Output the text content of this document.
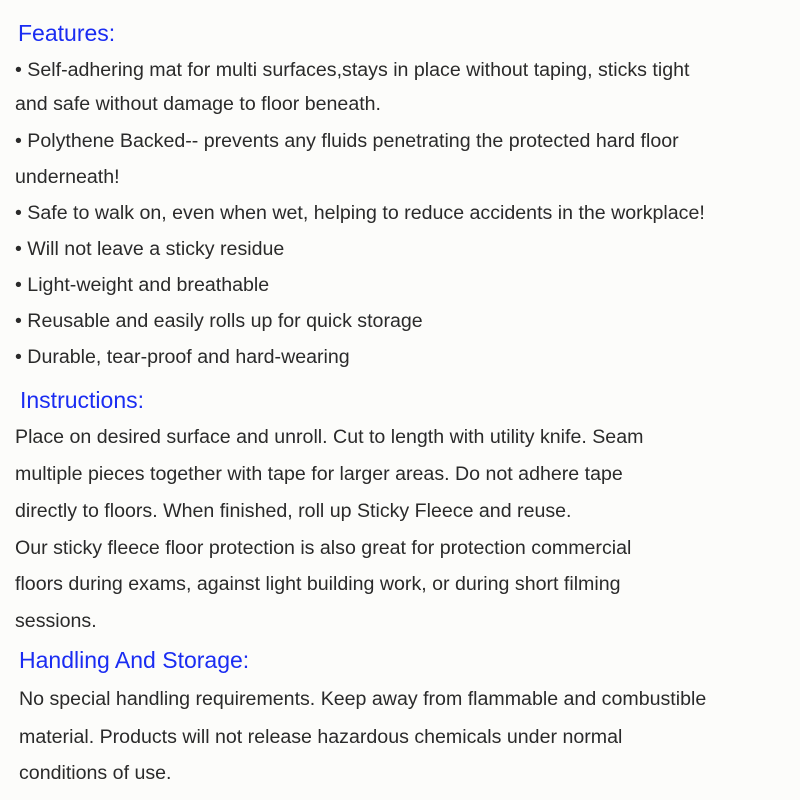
Features:
• Self-adhering mat for multi surfaces,stays in place without taping, sticks tight
and safe without damage to floor beneath.
• Polythene Backed-- prevents any fluids penetrating the protected hard floor
underneath!
• Safe to walk on, even when wet, helping to reduce accidents in the workplace!
• Will not leave a sticky residue
• Light-weight and breathable
• Reusable and easily rolls up for quick storage
• Durable, tear-proof and hard-wearing
Instructions:
Place on desired surface and unroll. Cut to length with utility knife. Seam
multiple pieces together with tape for larger areas. Do not adhere tape
directly to floors. When finished, roll up Sticky Fleece and reuse.
Our sticky fleece floor protection is also great for protection commercial
floors during exams, against light building work, or during short filming
sessions.
Handling And Storage:
No special handling requirements. Keep away from flammable and combustible
material. Products will not release hazardous chemicals under normal
conditions of use.
